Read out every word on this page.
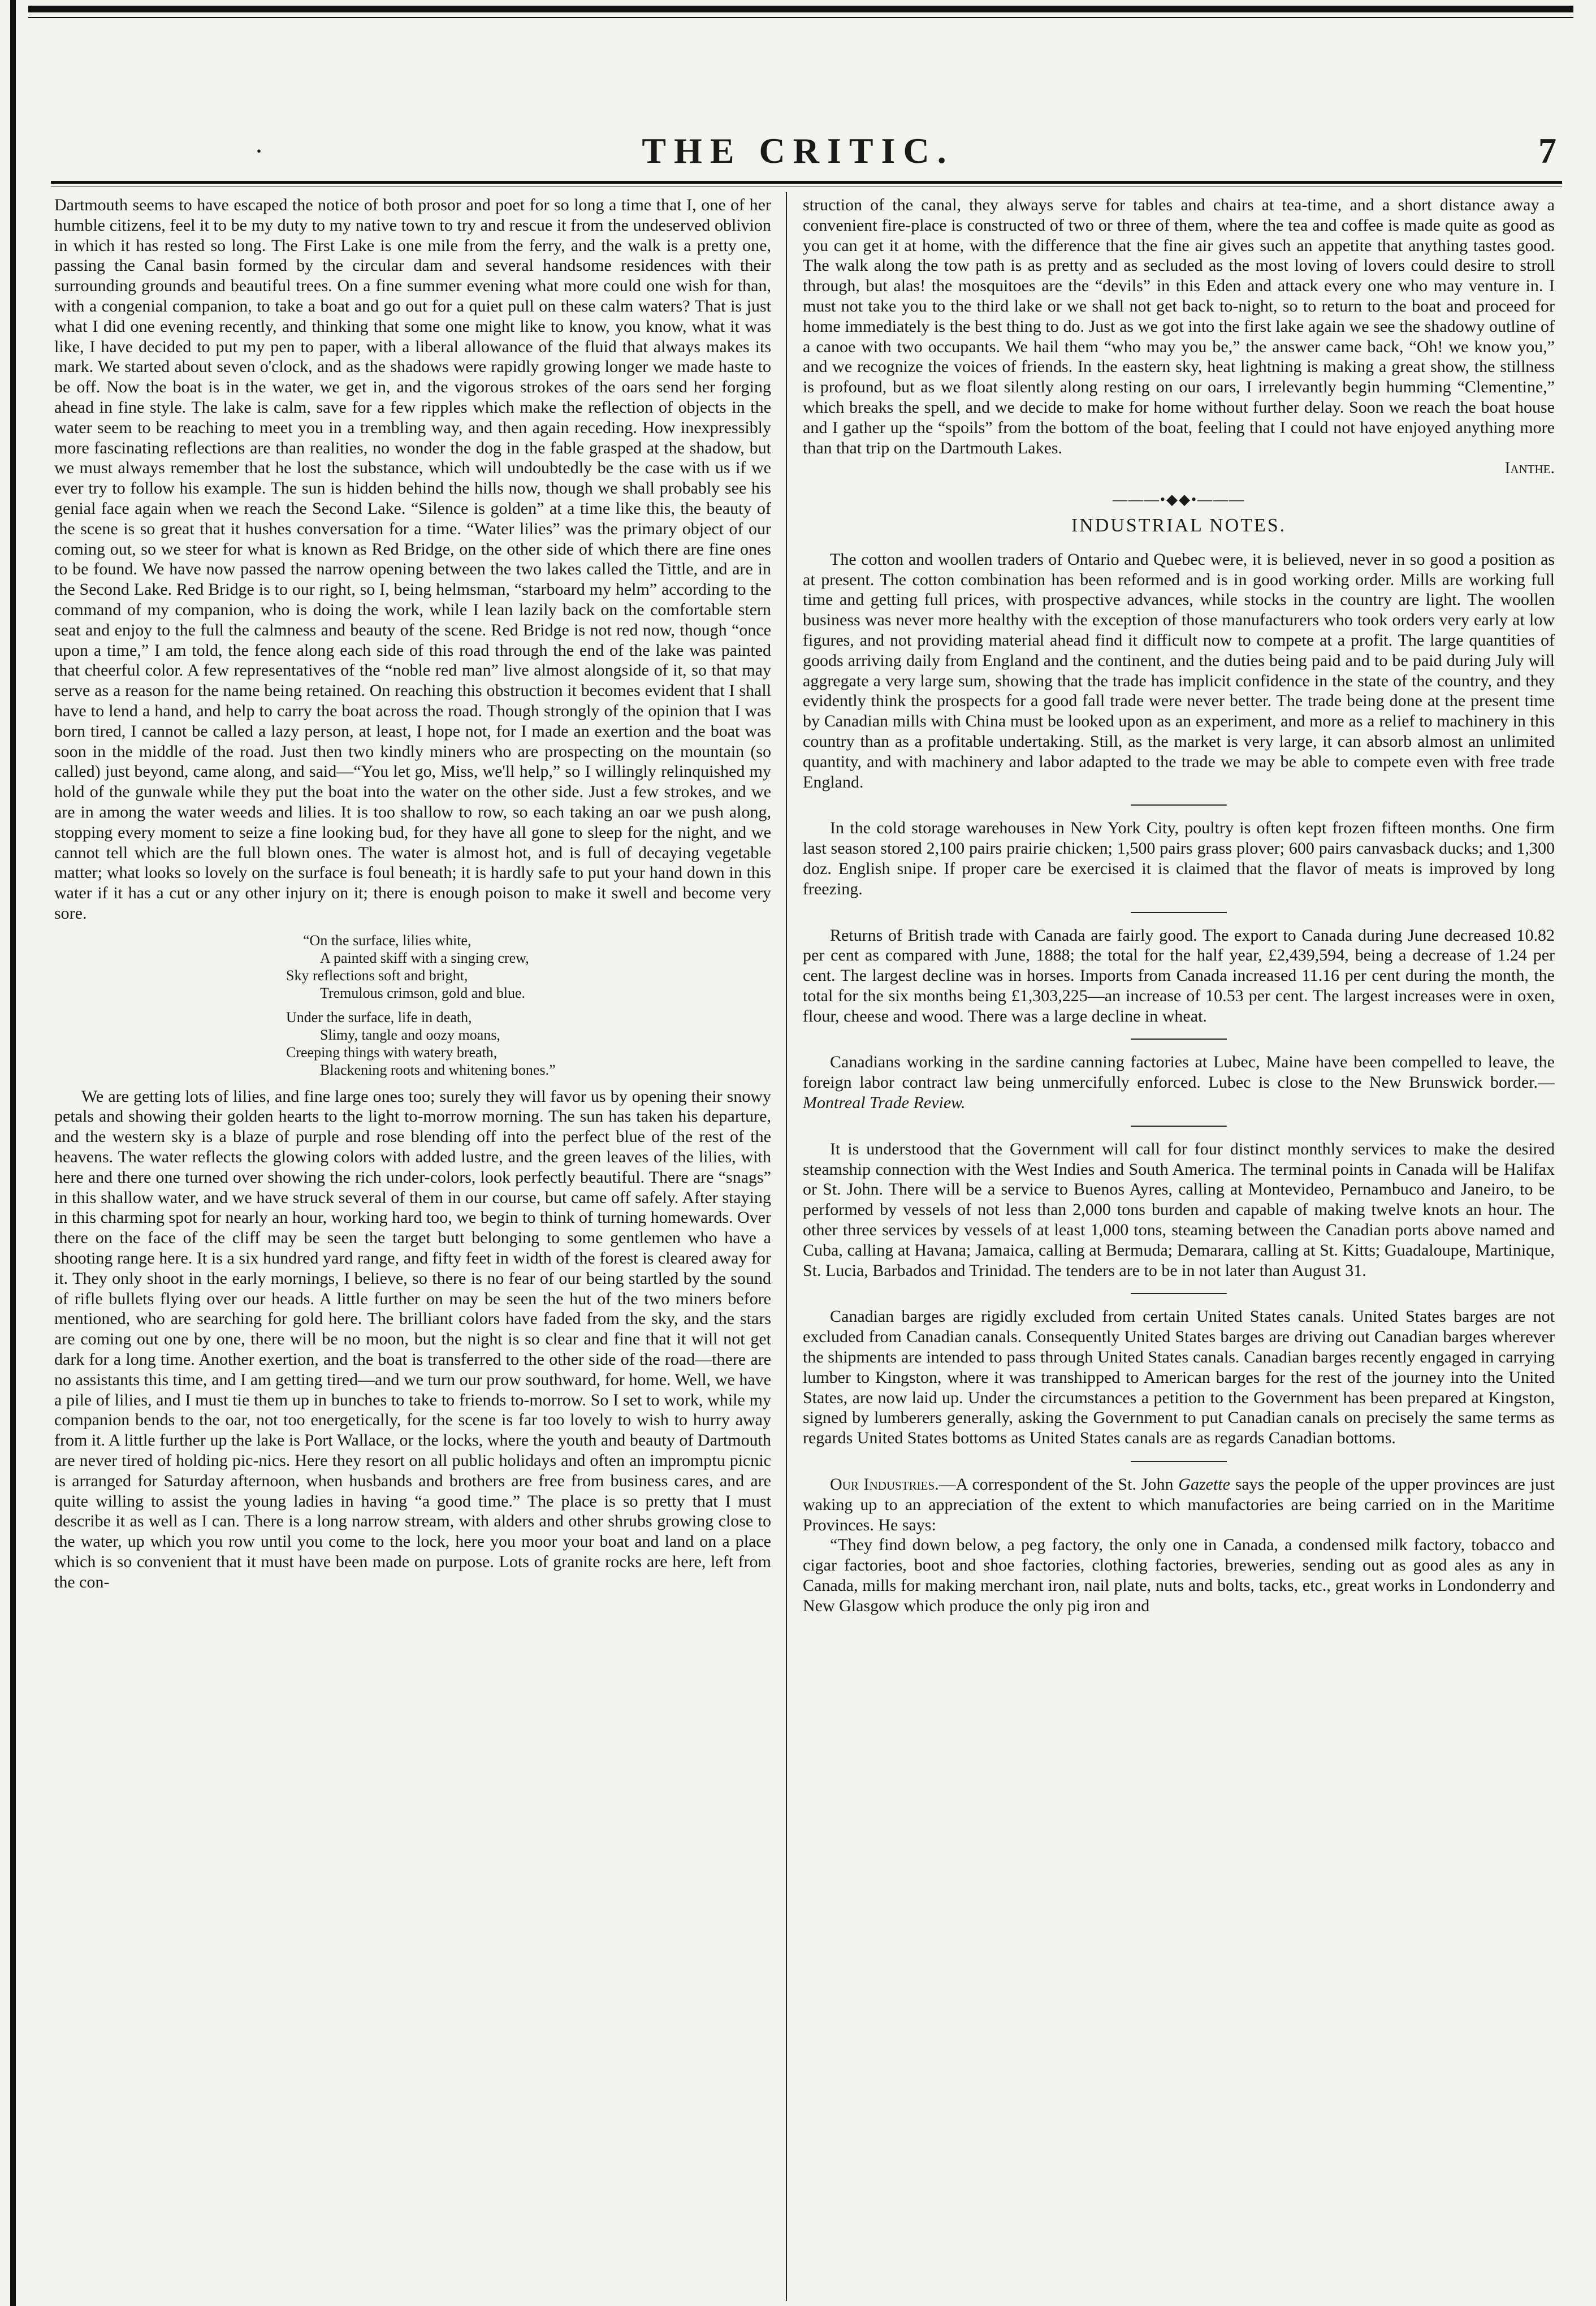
·	THE CRITIC.	7

Dartmouth seems to have escaped the notice of both prosor and poet for so long a time that I, one of her humble citizens, feel it to be my duty to my native town to try and rescue it from the undeserved oblivion in which it has rested so long. The First Lake is one mile from the ferry, and the walk is a pretty one, passing the Canal basin formed by the circular dam and several handsome residences with their surrounding grounds and beautiful trees. On a fine summer evening what more could one wish for than, with a congenial companion, to take a boat and go out for a quiet pull on these calm waters? That is just what I did one evening recently, and thinking that some one might like to know, you know, what it was like, I have decided to put my pen to paper, with a liberal allowance of the fluid that always makes its mark. We started about seven o'clock, and as the shadows were rapidly growing longer we made haste to be off. Now the boat is in the water, we get in, and the vigorous strokes of the oars send her forging ahead in fine style. The lake is calm, save for a few ripples which make the reflection of objects in the water seem to be reaching to meet you in a trembling way, and then again receding. How inexpressibly more fascinating reflections are than realities, no wonder the dog in the fable grasped at the shadow, but we must always remember that he lost the substance, which will undoubtedly be the case with us if we ever try to follow his example. The sun is hidden behind the hills now, though we shall probably see his genial face again when we reach the Second Lake. “Silence is golden” at a time like this, the beauty of the scene is so great that it hushes conversation for a time. “Water lilies” was the primary object of our coming out, so we steer for what is known as Red Bridge, on the other side of which there are fine ones to be found. We have now passed the narrow opening between the two lakes called the Tittle, and are in the Second Lake. Red Bridge is to our right, so I, being helmsman, “starboard my helm” according to the command of my companion, who is doing the work, while I lean lazily back on the comfortable stern seat and enjoy to the full the calmness and beauty of the scene. Red Bridge is not red now, though “once upon a time,” I am told, the fence along each side of this road through the end of the lake was painted that cheerful color. A few representatives of the “noble red man” live almost alongside of it, so that may serve as a reason for the name being retained. On reaching this obstruction it becomes evident that I shall have to lend a hand, and help to carry the boat across the road. Though strongly of the opinion that I was born tired, I cannot be called a lazy person, at least, I hope not, for I made an exertion and the boat was soon in the middle of the road. Just then two kindly miners who are prospecting on the mountain (so called) just beyond, came along, and said—“You let go, Miss, we'll help,” so I willingly relinquished my hold of the gunwale while they put the boat into the water on the other side. Just a few strokes, and we are in among the water weeds and lilies. It is too shallow to row, so each taking an oar we push along, stopping every moment to seize a fine looking bud, for they have all gone to sleep for the night, and we cannot tell which are the full blown ones. The water is almost hot, and is full of decaying vegetable matter; what looks so lovely on the surface is foul beneath; it is hardly safe to put your hand down in this water if it has a cut or any other injury on it; there is enough poison to make it swell and become very sore.

“On the surface, lilies white,
A painted skiff with a singing crew,
Sky reflections soft and bright,
Tremulous crimson, gold and blue.
Under the surface, life in death,
Slimy, tangle and oozy moans,
Creeping things with watery breath,
Blackening roots and whitening bones.”

We are getting lots of lilies, and fine large ones too; surely they will favor us by opening their snowy petals and showing their golden hearts to the light to-morrow morning. The sun has taken his departure, and the western sky is a blaze of purple and rose blending off into the perfect blue of the rest of the heavens. The water reflects the glowing colors with added lustre, and the green leaves of the lilies, with here and there one turned over showing the rich under-colors, look perfectly beautiful. There are “snags” in this shallow water, and we have struck several of them in our course, but came off safely. After staying in this charming spot for nearly an hour, working hard too, we begin to think of turning homewards. Over there on the face of the cliff may be seen the target butt belonging to some gentlemen who have a shooting range here. It is a six hundred yard range, and fifty feet in width of the forest is cleared away for it. They only shoot in the early mornings, I believe, so there is no fear of our being startled by the sound of rifle bullets flying over our heads. A little further on may be seen the hut of the two miners before mentioned, who are searching for gold here. The brilliant colors have faded from the sky, and the stars are coming out one by one, there will be no moon, but the night is so clear and fine that it will not get dark for a long time. Another exertion, and the boat is transferred to the other side of the road—there are no assistants this time, and I am getting tired—and we turn our prow southward, for home. Well, we have a pile of lilies, and I must tie them up in bunches to take to friends to-morrow. So I set to work, while my companion bends to the oar, not too energetically, for the scene is far too lovely to wish to hurry away from it. A little further up the lake is Port Wallace, or the locks, where the youth and beauty of Dartmouth are never tired of holding pic-nics. Here they resort on all public holidays and often an impromptu picnic is arranged for Saturday afternoon, when husbands and brothers are free from business cares, and are quite willing to assist the young ladies in having “a good time.” The place is so pretty that I must describe it as well as I can. There is a long narrow stream, with alders and other shrubs growing close to the water, up which you row until you come to the lock, here you moor your boat and land on a place which is so convenient that it must have been made on purpose. Lots of granite rocks are here, left from the con-

struction of the canal, they always serve for tables and chairs at tea-time, and a short distance away a convenient fire-place is constructed of two or three of them, where the tea and coffee is made quite as good as you can get it at home, with the difference that the fine air gives such an appetite that anything tastes good. The walk along the tow path is as pretty and as secluded as the most loving of lovers could desire to stroll through, but alas! the mosquitoes are the “devils” in this Eden and attack every one who may venture in. I must not take you to the third lake or we shall not get back to-night, so to return to the boat and proceed for home immediately is the best thing to do. Just as we got into the first lake again we see the shadowy outline of a canoe with two occupants. We hail them “who may you be,” the answer came back, “Oh! we know you,” and we recognize the voices of friends. In the eastern sky, heat lightning is making a great show, the stillness is profound, but as we float silently along resting on our oars, I irrelevantly begin humming “Clementine,” which breaks the spell, and we decide to make for home without further delay. Soon we reach the boat house and I gather up the “spoils” from the bottom of the boat, feeling that I could not have enjoyed anything more than that trip on the Dartmouth Lakes.

Ianthe.
———•◆◆•———
INDUSTRIAL NOTES.

The cotton and woollen traders of Ontario and Quebec were, it is believed, never in so good a position as at present. The cotton combination has been reformed and is in good working order. Mills are working full time and getting full prices, with prospective advances, while stocks in the country are light. The woollen business was never more healthy with the exception of those manufacturers who took orders very early at low figures, and not providing material ahead find it difficult now to compete at a profit. The large quantities of goods arriving daily from England and the continent, and the duties being paid and to be paid during July will aggregate a very large sum, showing that the trade has implicit confidence in the state of the country, and they evidently think the prospects for a good fall trade were never better. The trade being done at the present time by Canadian mills with China must be looked upon as an experiment, and more as a relief to machinery in this country than as a profitable undertaking. Still, as the market is very large, it can absorb almost an unlimited quantity, and with machinery and labor adapted to the trade we may be able to compete even with free trade England.

In the cold storage warehouses in New York City, poultry is often kept frozen fifteen months. One firm last season stored 2,100 pairs prairie chicken; 1,500 pairs grass plover; 600 pairs canvasback ducks; and 1,300 doz. English snipe. If proper care be exercised it is claimed that the flavor of meats is improved by long freezing.

Returns of British trade with Canada are fairly good. The export to Canada during June decreased 10.82 per cent as compared with June, 1888; the total for the half year, £2,439,594, being a decrease of 1.24 per cent. The largest decline was in horses. Imports from Canada increased 11.16 per cent during the month, the total for the six months being £1,303,225—an increase of 10.53 per cent. The largest increases were in oxen, flour, cheese and wood. There was a large decline in wheat.

Canadians working in the sardine canning factories at Lubec, Maine have been compelled to leave, the foreign labor contract law being unmercifully enforced. Lubec is close to the New Brunswick border.—Montreal Trade Review.

It is understood that the Government will call for four distinct monthly services to make the desired steamship connection with the West Indies and South America. The terminal points in Canada will be Halifax or St. John. There will be a service to Buenos Ayres, calling at Montevideo, Pernambuco and Janeiro, to be performed by vessels of not less than 2,000 tons burden and capable of making twelve knots an hour. The other three services by vessels of at least 1,000 tons, steaming between the Canadian ports above named and Cuba, calling at Havana; Jamaica, calling at Bermuda; Demarara, calling at St. Kitts; Guadaloupe, Martinique, St. Lucia, Barbados and Trinidad. The tenders are to be in not later than August 31.

Canadian barges are rigidly excluded from certain United States canals. United States barges are not excluded from Canadian canals. Consequently United States barges are driving out Canadian barges wherever the shipments are intended to pass through United States canals. Canadian barges recently engaged in carrying lumber to Kingston, where it was transhipped to American barges for the rest of the journey into the United States, are now laid up. Under the circumstances a petition to the Government has been prepared at Kingston, signed by lumberers generally, asking the Government to put Canadian canals on precisely the same terms as regards United States bottoms as United States canals are as regards Canadian bottoms.

Our Industries.—A correspondent of the St. John Gazette says the people of the upper provinces are just waking up to an appreciation of the extent to which manufactories are being carried on in the Maritime Provinces. He says:

“They find down below, a peg factory, the only one in Canada, a condensed milk factory, tobacco and cigar factories, boot and shoe factories, clothing factories, breweries, sending out as good ales as any in Canada, mills for making merchant iron, nail plate, nuts and bolts, tacks, etc., great works in Londonderry and New Glasgow which produce the only pig iron and
